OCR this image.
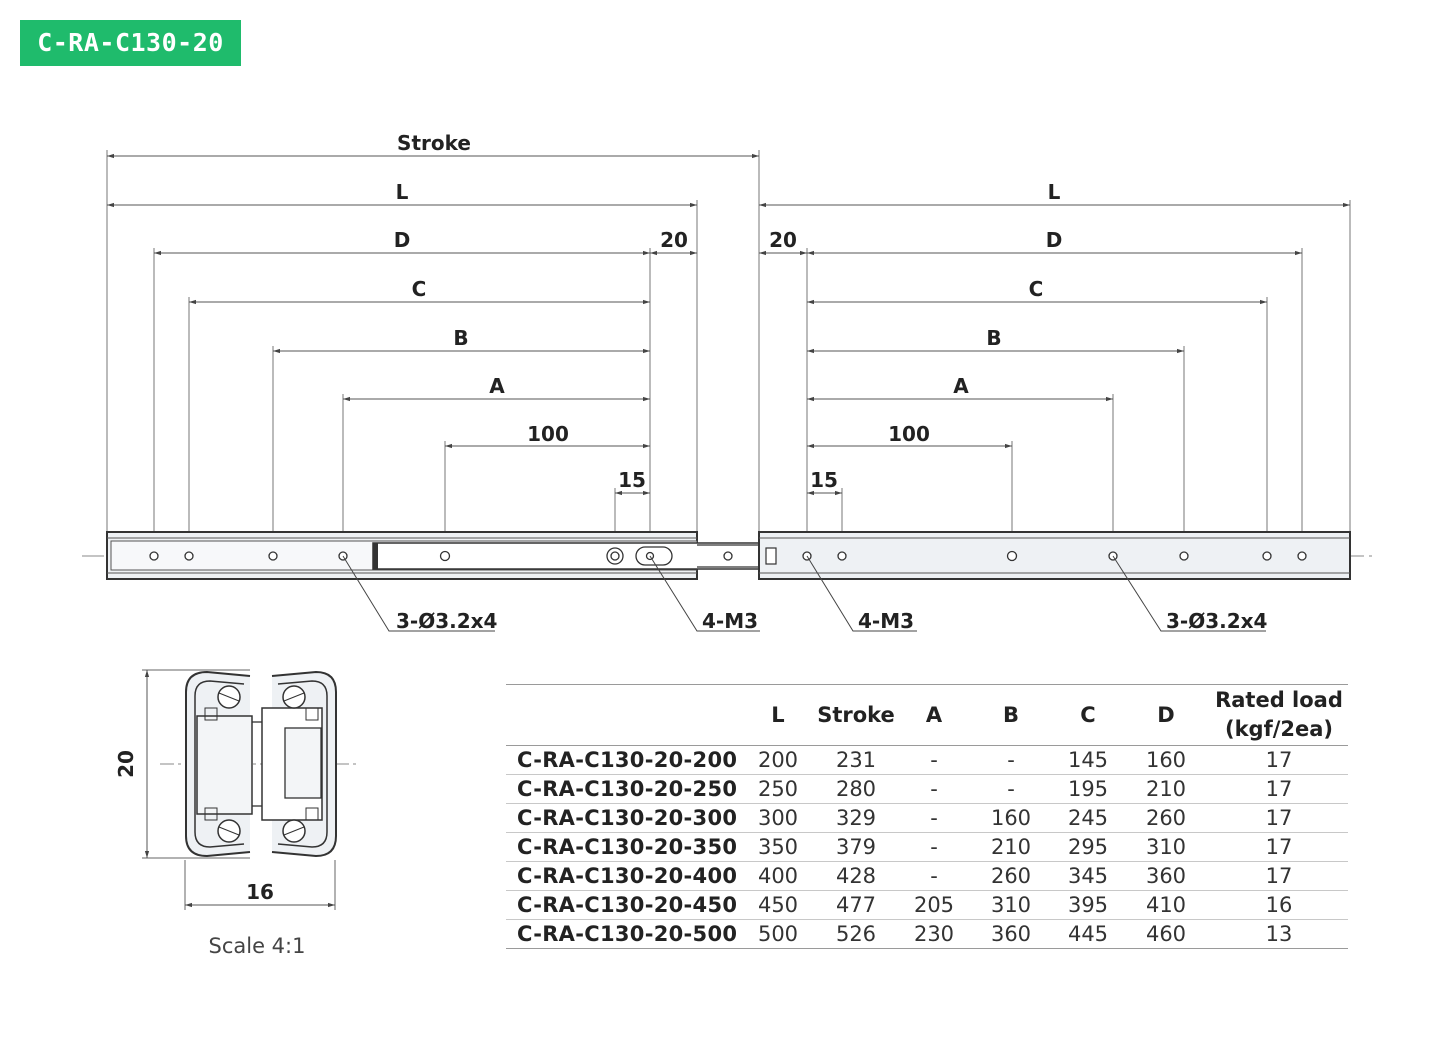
C-RA-C130-20
Stroke
L
D	20
C
B
A
100
15
L
20	D
C
B
A
100
15
3-Ø3.2x4	4-M3	4-M3	3-Ø3.2x4
20
16
Scale 4:1
	L	Stroke	A	B	C	D	Rated load
(kgf/2ea)
C-RA-C130-20-200	200	231	-	-	145	160	17
C-RA-C130-20-250	250	280	-	-	195	210	17
C-RA-C130-20-300	300	329	-	160	245	260	17
C-RA-C130-20-350	350	379	-	210	295	310	17
C-RA-C130-20-400	400	428	-	260	345	360	17
C-RA-C130-20-450	450	477	205	310	395	410	16
C-RA-C130-20-500	500	526	230	360	445	460	13
